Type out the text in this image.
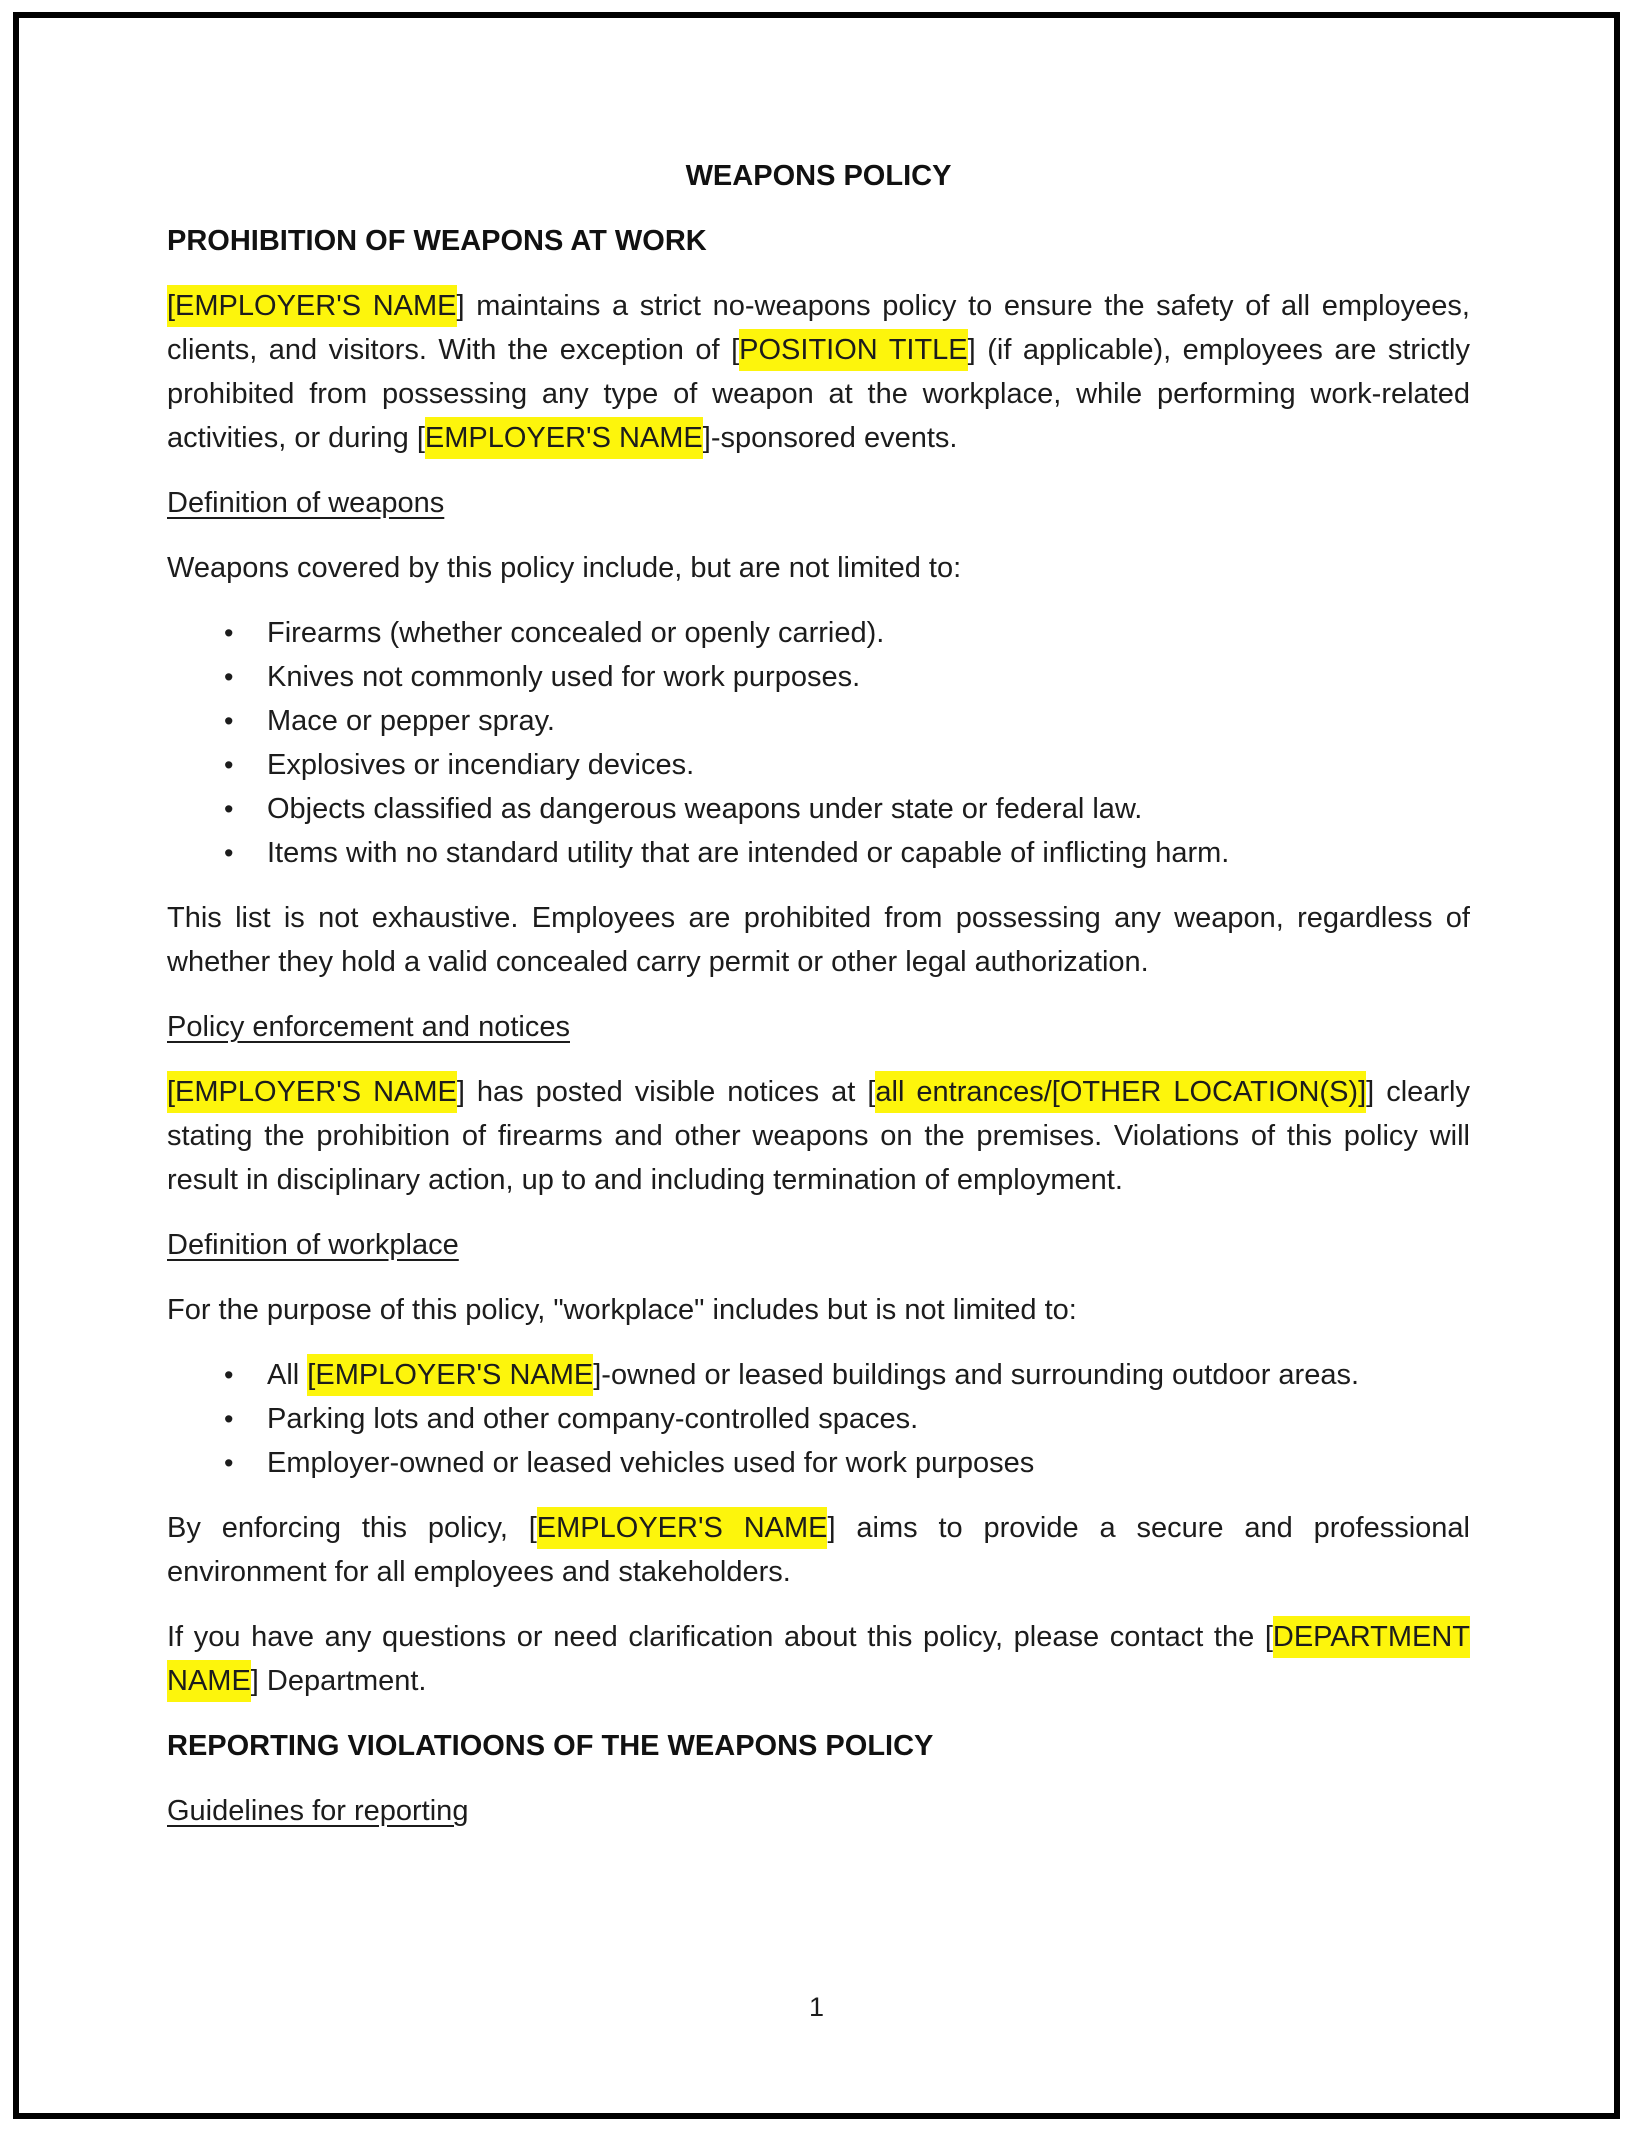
WEAPONS POLICY

PROHIBITION OF WEAPONS AT WORK

[EMPLOYER'S NAME] maintains a strict no-weapons policy to ensure the safety of all employees, clients, and visitors. With the exception of [POSITION TITLE] (if applicable), employees are strictly prohibited from possessing any type of weapon at the workplace, while performing work-related activities, or during [EMPLOYER'S NAME]-sponsored events.

Definition of weapons

Weapons covered by this policy include, but are not limited to:

• Firearms (whether concealed or openly carried).
• Knives not commonly used for work purposes.
• Mace or pepper spray.
• Explosives or incendiary devices.
• Objects classified as dangerous weapons under state or federal law.
• Items with no standard utility that are intended or capable of inflicting harm.

This list is not exhaustive. Employees are prohibited from possessing any weapon, regardless of whether they hold a valid concealed carry permit or other legal authorization.

Policy enforcement and notices

[EMPLOYER'S NAME] has posted visible notices at [all entrances/[OTHER LOCATION(S)]] clearly stating the prohibition of firearms and other weapons on the premises. Violations of this policy will result in disciplinary action, up to and including termination of employment.

Definition of workplace

For the purpose of this policy, "workplace" includes but is not limited to:

• All [EMPLOYER'S NAME]-owned or leased buildings and surrounding outdoor areas.
• Parking lots and other company-controlled spaces.
• Employer-owned or leased vehicles used for work purposes

By enforcing this policy, [EMPLOYER'S NAME] aims to provide a secure and professional environment for all employees and stakeholders.

If you have any questions or need clarification about this policy, please contact the [DEPARTMENT NAME] Department.

REPORTING VIOLATIOONS OF THE WEAPONS POLICY

Guidelines for reporting

1
